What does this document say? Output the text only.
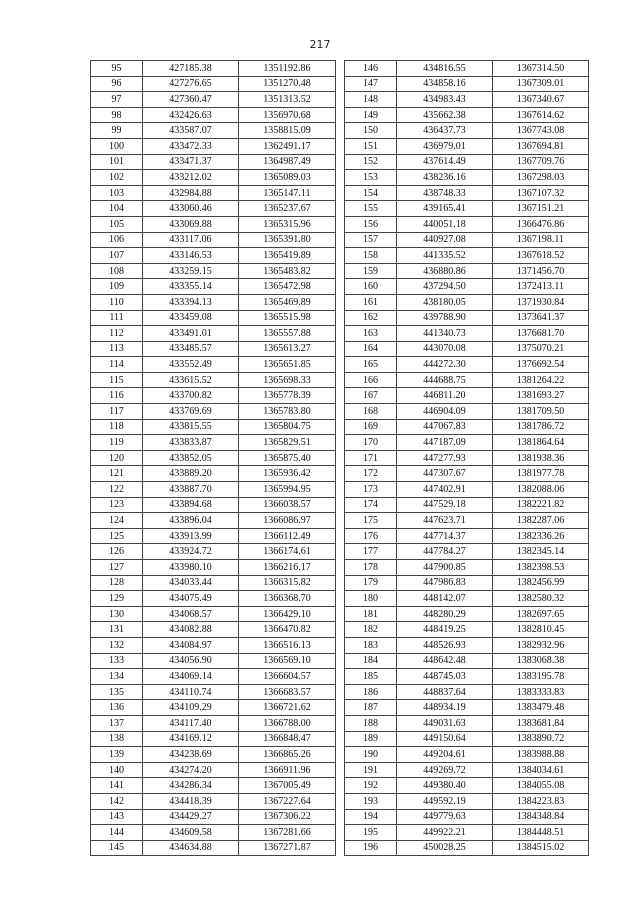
217
95	427185.38	1351192.86
96	427276.65	1351270.48
97	427360.47	1351313.52
98	432426.63	1356970.68
99	433587.07	1358815.09
100	433472.33	1362491.17
101	433471.37	1364987.49
102	433212.02	1365089.03
103	432984.88	1365147.11
104	433060.46	1365237.67
105	433069.88	1365315.96
106	433117.06	1365391.80
107	433146.53	1365419.89
108	433259.15	1365483.82
109	433355.14	1365472.98
110	433394.13	1365469.89
111	433459.08	1365515.98
112	433491.01	1365557.88
113	433485.57	1365613.27
114	433552.49	1365651.85
115	433615.52	1365698.33
116	433700.82	1365778.39
117	433769.69	1365783.80
118	433815.55	1365804.75
119	433833.87	1365829.51
120	433852.05	1365875.40
121	433889.20	1365936.42
122	433887.70	1365994.95
123	433894.68	1366038.57
124	433896.04	1366086.97
125	433913.99	1366112.49
126	433924.72	1366174.61
127	433980.10	1366216.17
128	434033.44	1366315.82
129	434075.49	1366368.70
130	434068.57	1366429.10
131	434082.88	1366470.82
132	434084.97	1366516.13
133	434056.90	1366569.10
134	434069.14	1366604.57
135	434110.74	1366683.57
136	434109.29	1366721.62
137	434117.40	1366788.00
138	434169.12	1366848.47
139	434238.69	1366865.26
140	434274.20	1366911.96
141	434286.34	1367005.49
142	434418.39	1367227.64
143	434429.27	1367306.22
144	434609.58	1367281.66
145	434634.88	1367271.87
146	434816.55	1367314.50
147	434858.16	1367309.01
148	434983.43	1367340.67
149	435662.38	1367614.62
150	436437.73	1367743.08
151	436979.01	1367694.81
152	437614.49	1367709.76
153	438236.16	1367298.03
154	438748.33	1367107.32
155	439165.41	1367151.21
156	440051.18	1366476.86
157	440927.08	1367198.11
158	441335.52	1367618.52
159	436880.86	1371456.70
160	437294.50	1372413.11
161	438180.05	1371930.84
162	439788.90	1373641.37
163	441340.73	1376681.70
164	443070.08	1375070.21
165	444272.30	1376692.54
166	444688.75	1381264.22
167	446811.20	1381693.27
168	446904.09	1381709.50
169	447067.83	1381786.72
170	447187.09	1381864.64
171	447277.93	1381938.36
172	447307.67	1381977.78
173	447402.91	1382088.06
174	447529.18	1382221.82
175	447623.71	1382287.06
176	447714.37	1382336.26
177	447784.27	1382345.14
178	447900.85	1382398.53
179	447986.83	1382456.99
180	448142.07	1382580.32
181	448280.29	1382697.65
182	448419.25	1382810.45
183	448526.93	1382932.96
184	448642.48	1383068.38
185	448745.03	1383195.78
186	448837.64	1383333.83
187	448934.19	1383479.48
188	449031.63	1383681.84
189	449150.64	1383890.72
190	449204.61	1383988.88
191	449269.72	1384034.61
192	449380.40	1384055.08
193	449592.19	1384223.83
194	449779.63	1384348.84
195	449922.21	1384448.51
196	450028.25	1384515.02
